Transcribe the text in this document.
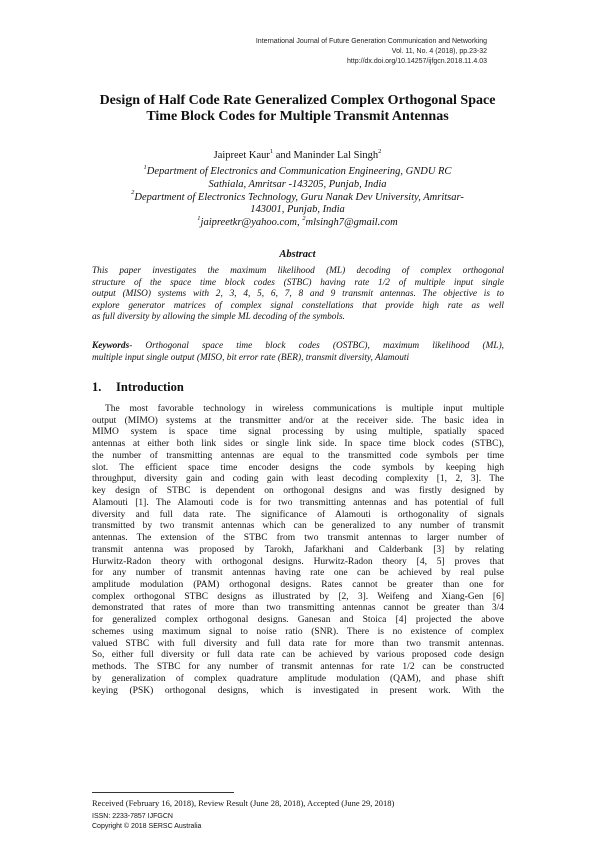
International Journal of Future Generation Communication and Networking
Vol. 11, No. 4 (2018), pp.23-32
http://dx.doi.org/10.14257/ijfgcn.2018.11.4.03
Design of Half Code Rate Generalized Complex Orthogonal Space
Time Block Codes for Multiple Transmit Antennas
Jaipreet Kaur$^1$ and Maninder Lal Singh$^2$
$^1$Department of Electronics and Communication Engineering, GNDU RC
Sathiala, Amritsar -143205, Punjab, India
$^2$Department of Electronics Technology, Guru Nanak Dev University, Amritsar-
143001, Punjab, India
$^1$jaipreetkr@yahoo.com, $^2$mlsingh7@gmail.com
Abstract
This paper investigates the maximum likelihood (ML) decoding of complex orthogonal
structure of the space time block codes (STBC) having rate 1/2 of multiple input single
output (MISO) systems with 2, 3, 4, 5, 6, 7, 8 and 9 transmit antennas. The objective is to
explore generator matrices of complex signal constellations that provide high rate as well
as full diversity by allowing the simple ML decoding of the symbols.
Keywords- Orthogonal space time block codes (OSTBC), maximum likelihood (ML),
multiple input single output (MISO, bit error rate (BER), transmit diversity, Alamouti
1. Introduction
The most favorable technology in wireless communications is multiple input multiple
output (MIMO) systems at the transmitter and/or at the receiver side. The basic idea in
MIMO system is space time signal processing by using multiple, spatially spaced
antennas at either both link sides or single link side. In space time block codes (STBC),
the number of transmitting antennas are equal to the transmitted code symbols per time
slot. The efficient space time encoder designs the code symbols by keeping high
throughput, diversity gain and coding gain with least decoding complexity [1, 2, 3]. The
key design of STBC is dependent on orthogonal designs and was firstly designed by
Alamouti [1]. The Alamouti code is for two transmitting antennas and has potential of full
diversity and full data rate. The significance of Alamouti is orthogonality of signals
transmitted by two transmit antennas which can be generalized to any number of transmit
antennas. The extension of the STBC from two transmit antennas to larger number of
transmit antenna was proposed by Tarokh, Jafarkhani and Calderbank [3] by relating
Hurwitz-Radon theory with orthogonal designs. Hurwitz-Radon theory [4, 5] proves that
for any number of transmit antennas having rate one can be achieved by real pulse
amplitude modulation (PAM) orthogonal designs. Rates cannot be greater than one for
complex orthogonal STBC designs as illustrated by [2, 3]. Weifeng and Xiang-Gen [6]
demonstrated that rates of more than two transmitting antennas cannot be greater than 3/4
for generalized complex orthogonal designs. Ganesan and Stoica [4] projected the above
schemes using maximum signal to noise ratio (SNR). There is no existence of complex
valued STBC with full diversity and full data rate for more than two transmit antennas.
So, either full diversity or full data rate can be achieved by various proposed code design
methods. The STBC for any number of transmit antennas for rate 1/2 can be constructed
by generalization of complex quadrature amplitude modulation (QAM), and phase shift
keying (PSK) orthogonal designs, which is investigated in present work. With the
Received (February 16, 2018), Review Result (June 28, 2018), Accepted (June 29, 2018)
ISSN: 2233-7857 IJFGCN
Copyright © 2018 SERSC Australia
